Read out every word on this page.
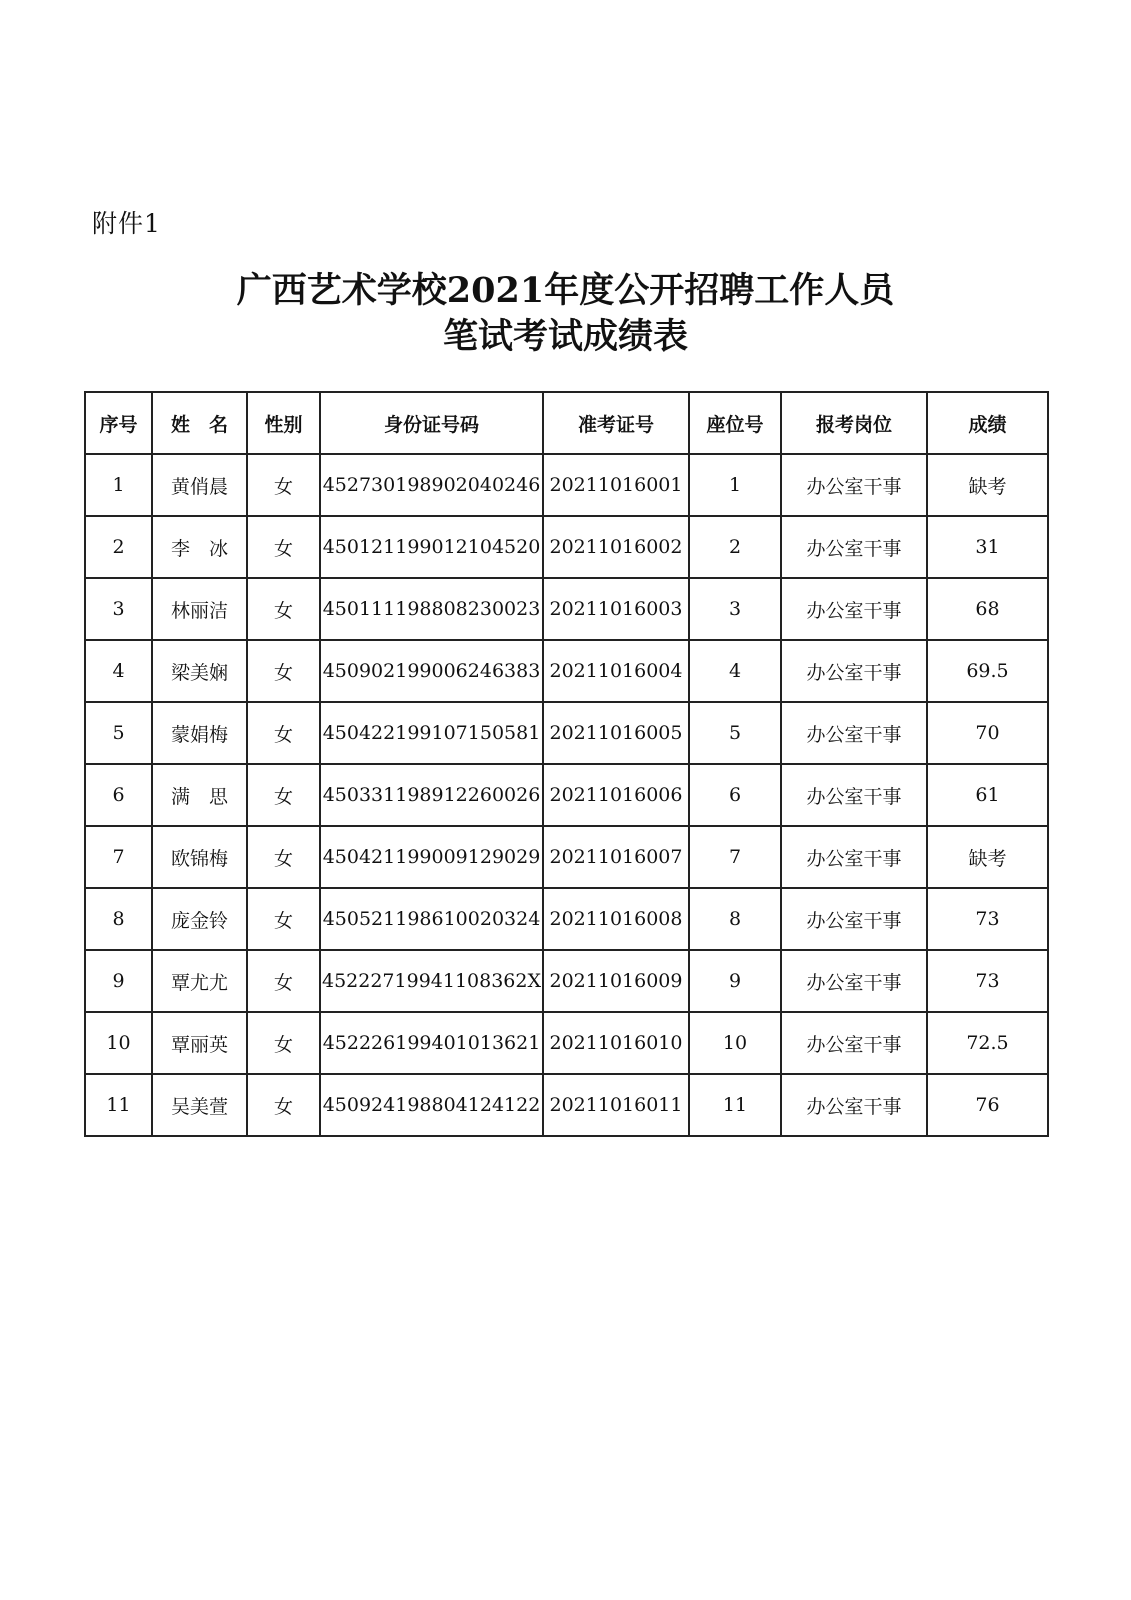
附件1
广西艺术学校2021年度公开招聘工作人员
笔试考试成绩表
序号	姓　名	性别	身份证号码	准考证号	座位号	报考岗位	成绩
1	黄俏晨	女	452730198902040246	20211016001	1	办公室干事	缺考
2	李　冰	女	450121199012104520	20211016002	2	办公室干事	31
3	林丽洁	女	450111198808230023	20211016003	3	办公室干事	68
4	梁美娴	女	450902199006246383	20211016004	4	办公室干事	69.5
5	蒙娟梅	女	450422199107150581	20211016005	5	办公室干事	70
6	满　思	女	450331198912260026	20211016006	6	办公室干事	61
7	欧锦梅	女	450421199009129029	20211016007	7	办公室干事	缺考
8	庞金铃	女	450521198610020324	20211016008	8	办公室干事	73
9	覃尤尤	女	45222719941108362X	20211016009	9	办公室干事	73
10	覃丽英	女	452226199401013621	20211016010	10	办公室干事	72.5
11	吴美萱	女	450924198804124122	20211016011	11	办公室干事	76
